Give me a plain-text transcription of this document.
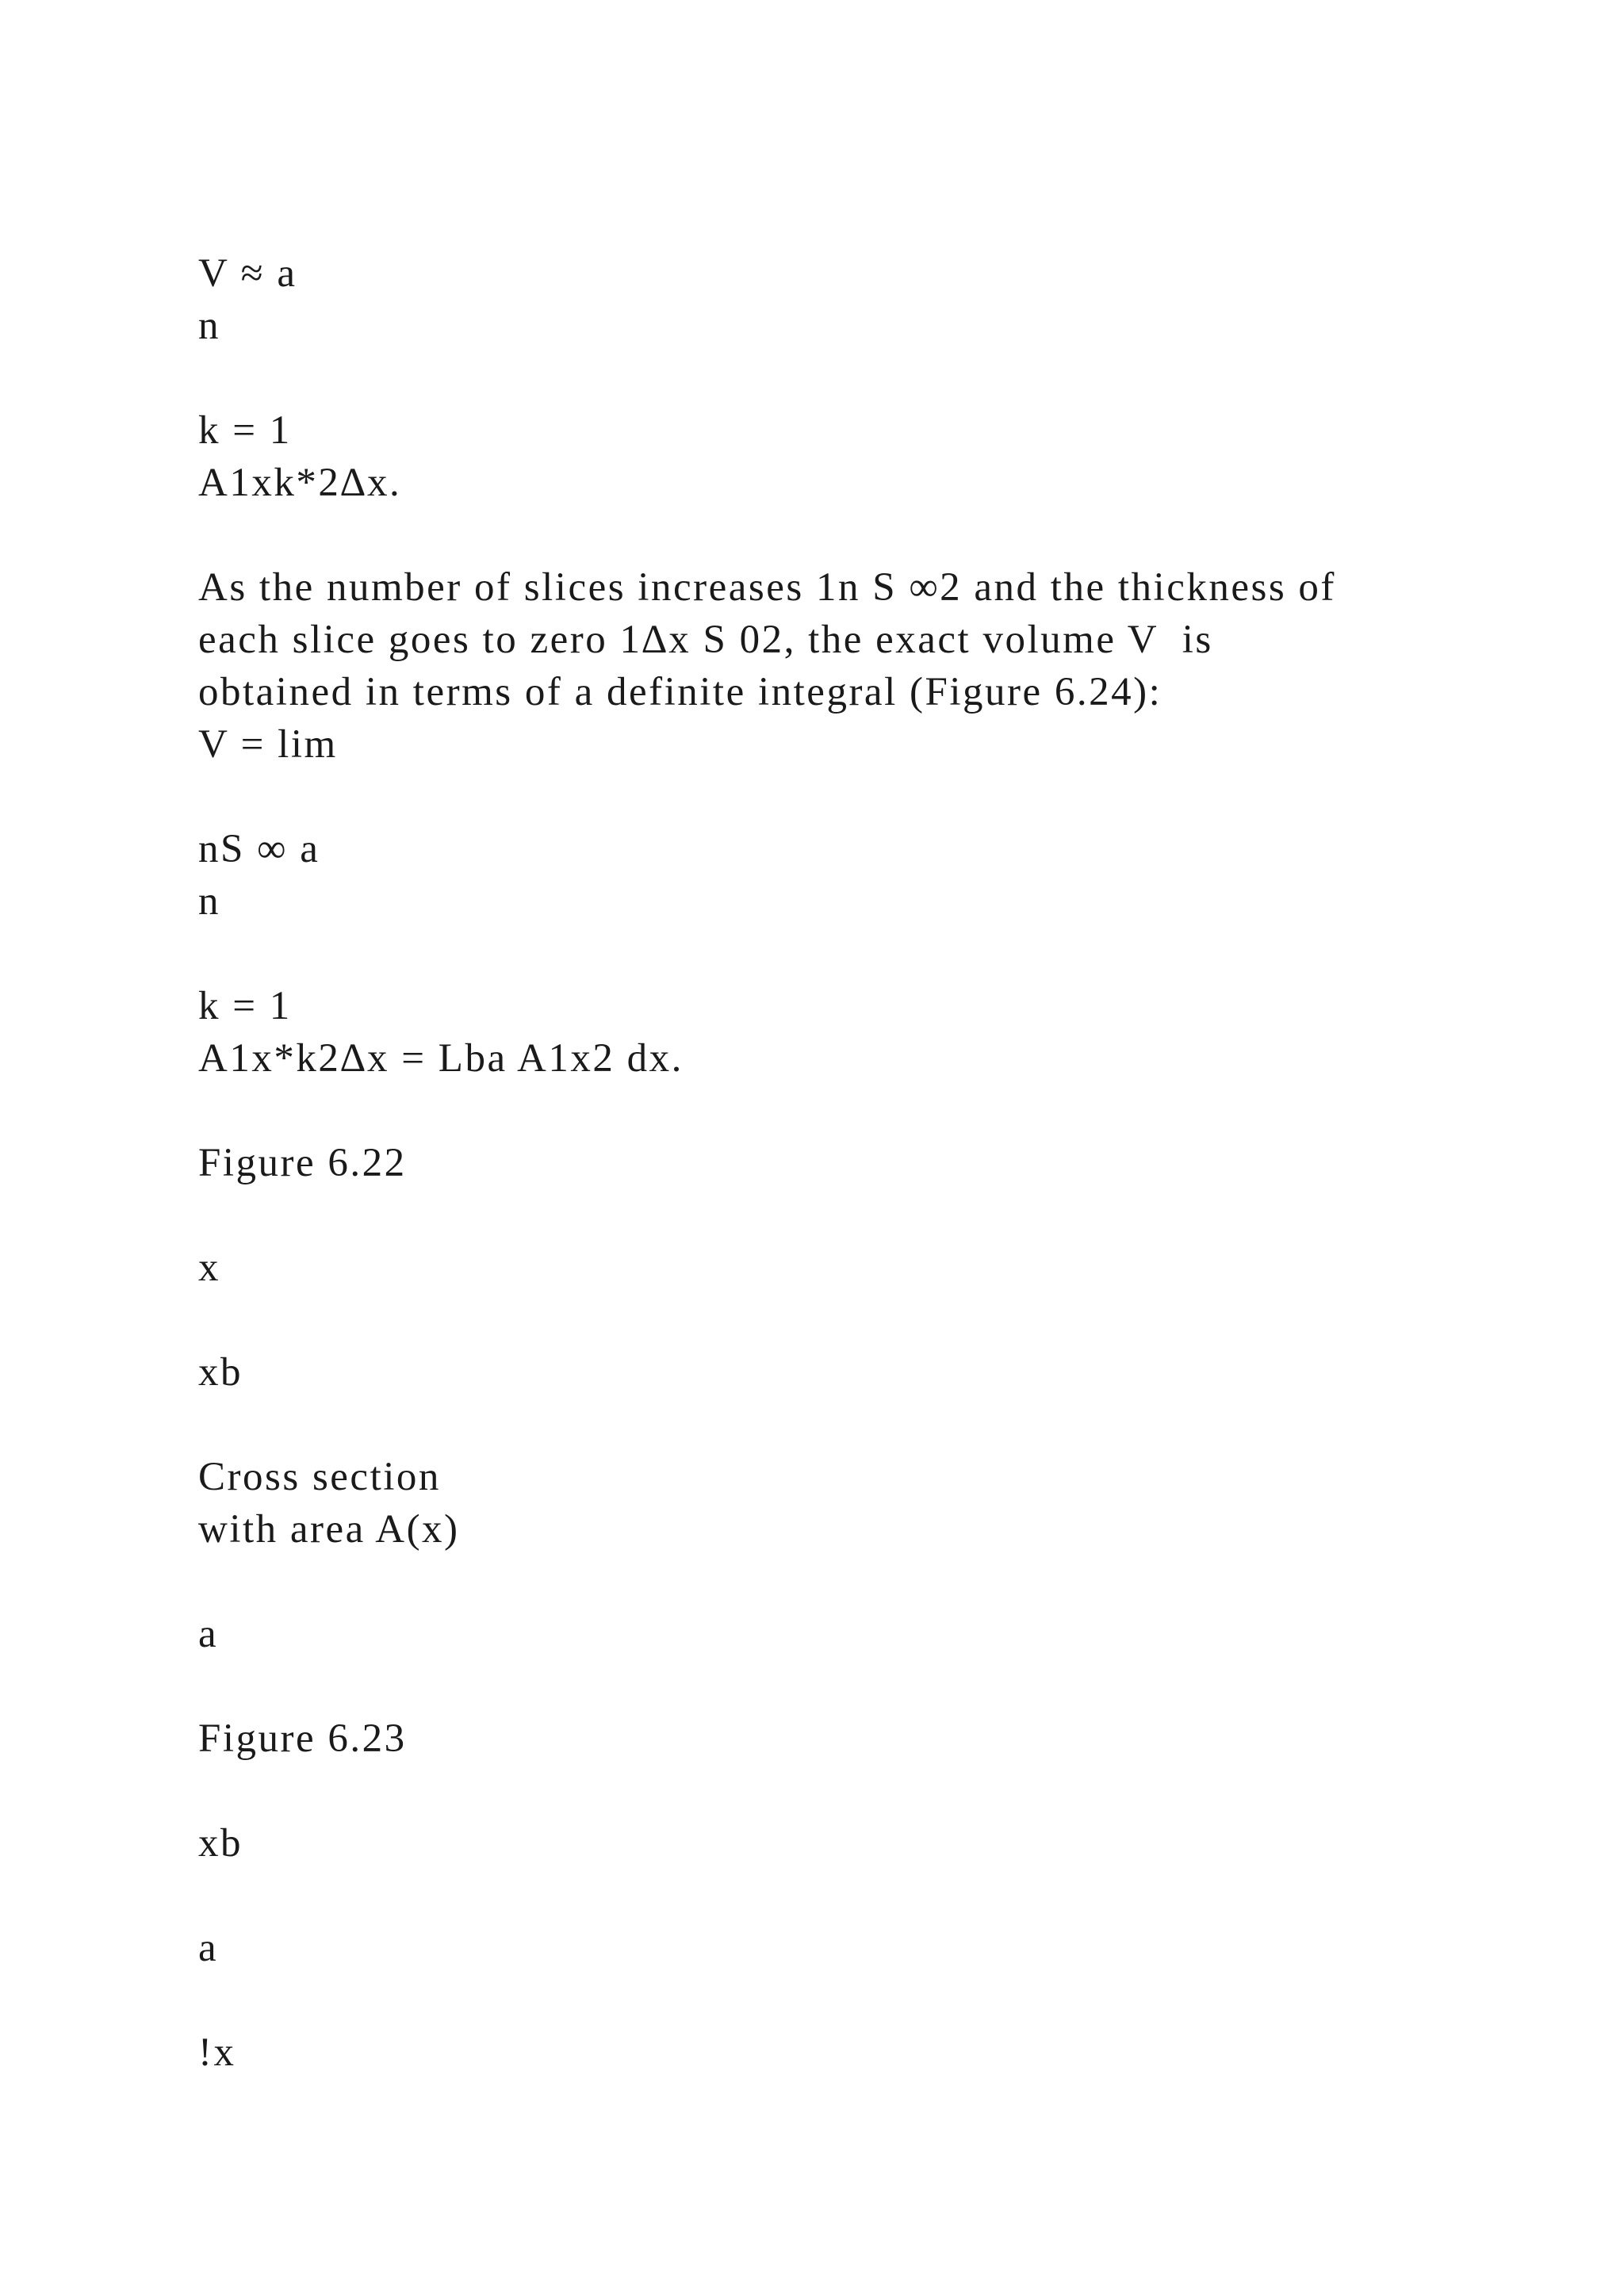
V ≈ a

n

k = 1

A1xk*2∆x.

As the number of slices increases 1n S ∞2 and the thickness of

each slice goes to zero 1∆x S 02, the exact volume V  is

obtained in terms of a definite integral (Figure 6.24):

V = lim

nS ∞ a

n

k = 1

A1x*k2∆x = Lba A1x2 dx.

Figure 6.22

x

xb

Cross section

with area A(x)

a

Figure 6.23

xb

a

!x
